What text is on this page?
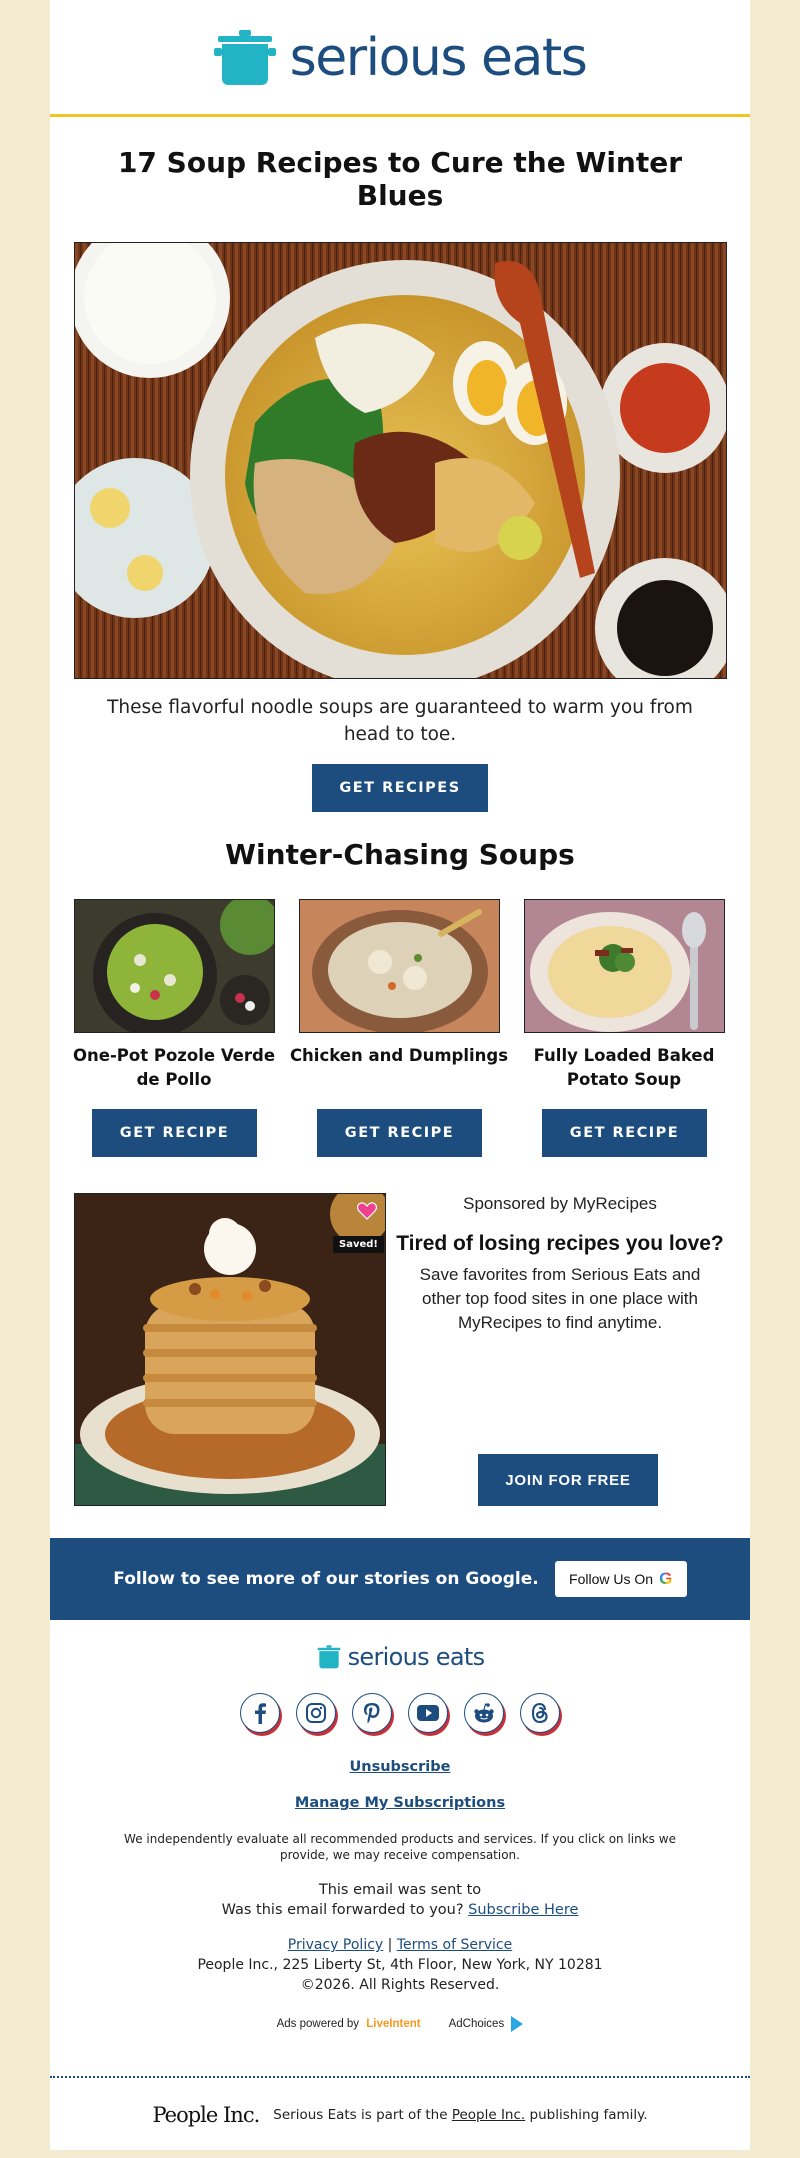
serious eats
17 Soup Recipes to Cure the Winter Blues
These flavorful noodle soups are guaranteed to warm you from head to toe.
GET RECIPES
Winter-Chasing Soups
One-Pot Pozole Verde de Pollo
Chicken and Dumplings	Fully Loaded Baked Potato Soup
GET RECIPE	GET RECIPE	GET RECIPE
Saved!
Sponsored by MyRecipes
Tired of losing recipes you love?
Save favorites from Serious Eats and other top food sites in one place with MyRecipes to find anytime.
JOIN FOR FREE
Follow to see more of our stories on Google. Follow Us On G
serious eats
Unsubscribe
Manage My Subscriptions
We independently evaluate all recommended products and services. If you click on links we provide, we may receive compensation.
This email was sent to
Was this email forwarded to you? Subscribe Here
Privacy Policy | Terms of Service
People Inc., 225 Liberty St, 4th Floor, New York, NY 10281
©2026. All Rights Reserved.
Ads powered by LiveIntent AdChoices
People Inc. Serious Eats is part of the People Inc. publishing family.
